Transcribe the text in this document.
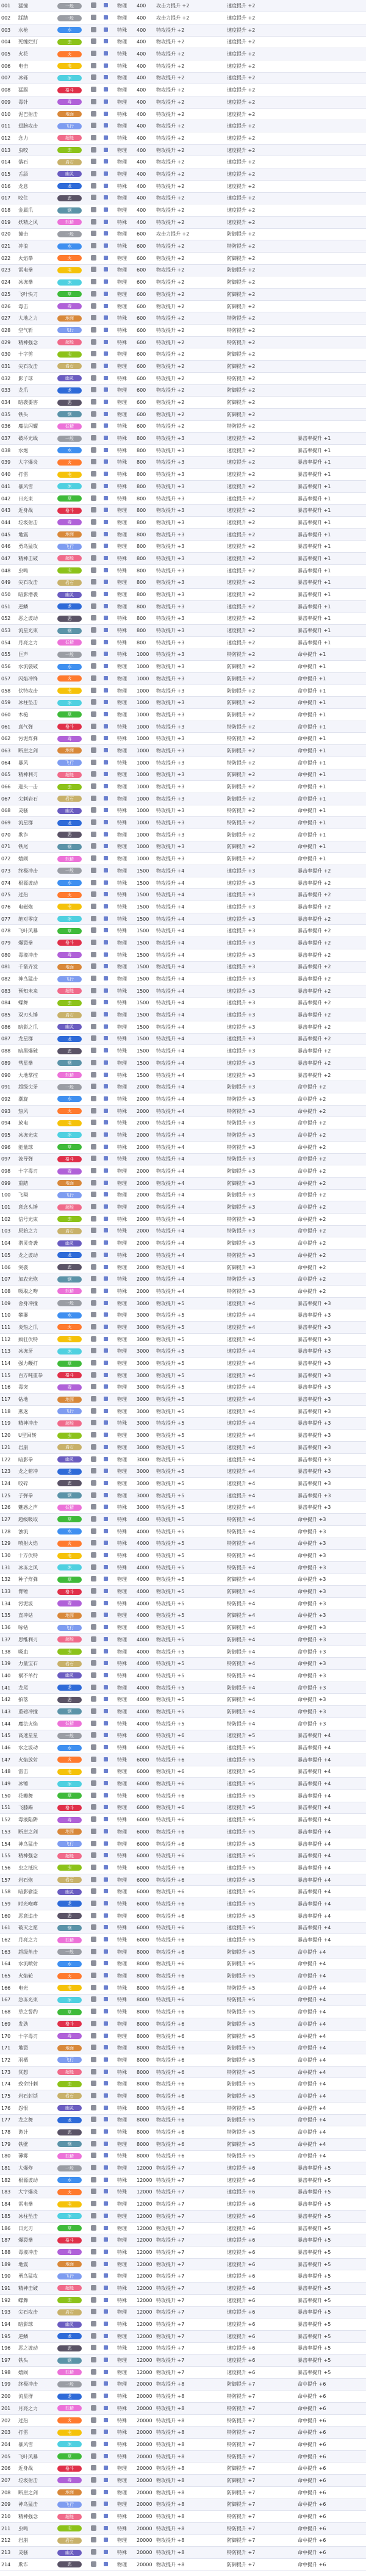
001	猛撞	一般			物理	400	攻击力提升 +2	速度提升 +2	
002	踩踏	一般			物理	400	攻击力提升 +2	速度提升 +2	
003	水枪	水			特殊	400	特攻提升 +2	速度提升 +2	
004	死缠烂打	虫			物理	400	物攻提升 +2	速度提升 +2	
005	火花	火			特殊	400	特攻提升 +2	速度提升 +2	
006	电击	电			特殊	400	特攻提升 +2	速度提升 +2	
007	冰砾	冰			物理	400	物攻提升 +2	速度提升 +2	
008	猛踢	格斗			物理	400	物攻提升 +2	速度提升 +2	
009	毒针	毒			物理	400	物攻提升 +2	速度提升 +2	
010	泥巴射击	地面			特殊	400	特攻提升 +2	速度提升 +2	
011	翅膀攻击	飞行			物理	400	物攻提升 +2	速度提升 +2	
012	念力	超能			特殊	400	特攻提升 +2	速度提升 +2	
013	虫咬	虫			物理	400	物攻提升 +2	速度提升 +2	
014	落石	岩石			物理	400	物攻提升 +2	速度提升 +2	
015	舌舔	幽灵			物理	400	物攻提升 +2	速度提升 +2	
016	龙息	龙			特殊	400	特攻提升 +2	速度提升 +2	
017	咬住	恶			物理	400	物攻提升 +2	速度提升 +2	
018	金属爪	钢			物理	400	物攻提升 +2	速度提升 +2	
019	妖精之风	妖精			特殊	400	特攻提升 +2	速度提升 +2	
020	撞击	一般			物理	600	攻击力提升 +2	防御提升 +2	
021	冲浪	水			特殊	600	特攻提升 +2	特防提升 +2	
022	火焰拳	火			物理	600	物攻提升 +2	防御提升 +2	
023	雷电拳	电			物理	600	物攻提升 +2	防御提升 +2	
024	冰冻拳	冰			物理	600	物攻提升 +2	防御提升 +2	
025	飞叶快刀	草			物理	600	物攻提升 +2	防御提升 +2	
026	毒击	毒			物理	600	物攻提升 +2	防御提升 +2	
027	大地之力	地面			特殊	600	特攻提升 +2	特防提升 +2	
028	空气斩	飞行			特殊	600	特攻提升 +2	特防提升 +2	
029	精神强念	超能			特殊	600	特攻提升 +2	特防提升 +2	
030	十字剪	虫			物理	600	物攻提升 +2	防御提升 +2	
031	尖石攻击	岩石			物理	600	物攻提升 +2	防御提升 +2	
032	影子球	幽灵			特殊	600	特攻提升 +2	特防提升 +2	
033	龙爪	龙			物理	600	物攻提升 +2	防御提升 +2	
034	暗袭要害	恶			物理	600	物攻提升 +2	防御提升 +2	
035	铁头	钢			物理	600	物攻提升 +2	防御提升 +2	
036	魔法闪耀	妖精			特殊	600	特攻提升 +2	特防提升 +2	
037	破坏光线	一般			特殊	800	特攻提升 +3	速度提升 +2	暴击率提升 +1
038	水炮	水			特殊	800	特攻提升 +3	速度提升 +2	暴击率提升 +1
039	大字爆炎	火			特殊	800	特攻提升 +3	速度提升 +2	暴击率提升 +1
040	打雷	电			特殊	800	特攻提升 +3	速度提升 +2	暴击率提升 +1
041	暴风雪	冰			特殊	800	特攻提升 +3	速度提升 +2	暴击率提升 +1
042	日光束	草			特殊	800	特攻提升 +3	速度提升 +2	暴击率提升 +1
043	近身战	格斗			物理	800	物攻提升 +3	速度提升 +2	暴击率提升 +1
044	垃圾射击	毒			物理	800	物攻提升 +3	速度提升 +2	暴击率提升 +1
045	地震	地面			物理	800	物攻提升 +3	速度提升 +2	暴击率提升 +1
046	勇鸟猛攻	飞行			物理	800	物攻提升 +3	速度提升 +2	暴击率提升 +1
047	精神击破	超能			特殊	800	特攻提升 +3	速度提升 +2	暴击率提升 +1
048	虫鸣	虫			特殊	800	特攻提升 +3	速度提升 +2	暴击率提升 +1
049	尖石攻击	岩石			物理	800	物攻提升 +3	速度提升 +2	暴击率提升 +1
050	暗影潜袭	幽灵			物理	800	物攻提升 +3	速度提升 +2	暴击率提升 +1
051	逆鳞	龙			物理	800	物攻提升 +3	速度提升 +2	暴击率提升 +1
052	恶之波动	恶			特殊	800	特攻提升 +3	速度提升 +2	暴击率提升 +1
053	流星光束	钢			特殊	800	特攻提升 +3	速度提升 +2	暴击率提升 +1
054	月亮之力	妖精			特殊	800	特攻提升 +3	速度提升 +2	暴击率提升 +1
055	巨声	一般			特殊	1000	特攻提升 +3	特防提升 +2	命中提升 +1
056	水流裂破	水			物理	1000	物攻提升 +3	防御提升 +2	命中提升 +1
057	闪焰冲锋	火			物理	1000	物攻提升 +3	防御提升 +2	命中提升 +1
058	伏特攻击	电			物理	1000	物攻提升 +3	防御提升 +2	命中提升 +1
059	冰柱坠击	冰			物理	1000	物攻提升 +3	防御提升 +2	命中提升 +1
060	木槌	草			物理	1000	物攻提升 +3	防御提升 +2	命中提升 +1
061	真气弹	格斗			特殊	1000	特攻提升 +3	特防提升 +2	命中提升 +1
062	污泥炸弹	毒			特殊	1000	特攻提升 +3	特防提升 +2	命中提升 +1
063	断崖之剑	地面			物理	1000	物攻提升 +3	防御提升 +2	命中提升 +1
064	暴风	飞行			特殊	1000	特攻提升 +3	特防提升 +2	命中提升 +1
065	精神利刃	超能			物理	1000	物攻提升 +3	防御提升 +2	命中提升 +1
066	迎头一击	虫			物理	1000	物攻提升 +3	防御提升 +2	命中提升 +1
067	尖刺岩石	岩石			物理	1000	物攻提升 +3	防御提升 +2	命中提升 +1
068	灵骚	幽灵			特殊	1000	特攻提升 +3	特防提升 +2	命中提升 +1
069	流星群	龙			特殊	1000	特攻提升 +3	特防提升 +2	命中提升 +1
070	欺诈	恶			物理	1000	物攻提升 +3	防御提升 +2	命中提升 +1
071	铁尾	钢			物理	1000	物攻提升 +3	防御提升 +2	命中提升 +1
072	嬉闹	妖精			物理	1000	物攻提升 +3	防御提升 +2	命中提升 +1
073	终极冲击	一般			物理	1500	物攻提升 +4	速度提升 +3	暴击率提升 +2
074	根源波动	水			特殊	1500	特攻提升 +4	速度提升 +3	暴击率提升 +2
075	过热	火			特殊	1500	特攻提升 +4	速度提升 +3	暴击率提升 +2
076	电磁炮	电			特殊	1500	特攻提升 +4	速度提升 +3	暴击率提升 +2
077	绝对零度	冰			特殊	1500	特攻提升 +4	速度提升 +3	暴击率提升 +2
078	飞叶风暴	草			特殊	1500	特攻提升 +4	速度提升 +3	暴击率提升 +2
079	爆裂拳	格斗			物理	1500	物攻提升 +4	速度提升 +3	暴击率提升 +2
080	毒液冲击	毒			特殊	1500	特攻提升 +4	速度提升 +3	暴击率提升 +2
081	千箭齐发	地面			物理	1500	物攻提升 +4	速度提升 +3	暴击率提升 +2
082	神鸟猛击	飞行			物理	1500	物攻提升 +4	速度提升 +3	暴击率提升 +2
083	预知未来	超能			特殊	1500	特攻提升 +4	速度提升 +3	暴击率提升 +2
084	蝶舞	虫			特殊	1500	特攻提升 +4	速度提升 +3	暴击率提升 +2
085	双刃头锤	岩石			物理	1500	物攻提升 +4	速度提升 +3	暴击率提升 +2
086	暗影之爪	幽灵			物理	1500	物攻提升 +4	速度提升 +3	暴击率提升 +2
087	龙星群	龙			特殊	1500	特攻提升 +4	速度提升 +3	暴击率提升 +2
088	暗黑爆破	恶			特殊	1500	特攻提升 +4	速度提升 +3	暴击率提升 +2
089	彗星拳	钢			物理	1500	物攻提升 +4	速度提升 +3	暴击率提升 +2
090	大地掌控	妖精			特殊	1500	特攻提升 +4	速度提升 +3	暴击率提升 +2
091	超级尖牙	一般			物理	2000	物攻提升 +4	防御提升 +3	命中提升 +2
092	潮旋	水			特殊	2000	特攻提升 +4	特防提升 +3	命中提升 +2
093	热风	火			特殊	2000	特攻提升 +4	特防提升 +3	命中提升 +2
094	放电	电			特殊	2000	特攻提升 +4	特防提升 +3	命中提升 +2
095	冰冻光束	冰			特殊	2000	特攻提升 +4	特防提升 +3	命中提升 +2
096	能量球	草			特殊	2000	特攻提升 +4	特防提升 +3	命中提升 +2
097	波导弹	格斗			特殊	2000	特攻提升 +4	特防提升 +3	命中提升 +2
098	十字毒刃	毒			物理	2000	物攻提升 +4	防御提升 +3	命中提升 +2
099	重踏	地面			物理	2000	物攻提升 +4	防御提升 +3	命中提升 +2
100	飞翔	飞行			物理	2000	物攻提升 +4	防御提升 +3	命中提升 +2
101	意念头锤	超能			物理	2000	物攻提升 +4	防御提升 +3	命中提升 +2
102	信号光束	虫			特殊	2000	特攻提升 +4	特防提升 +3	命中提升 +2
103	原始之力	岩石			特殊	2000	特攻提升 +4	特防提升 +3	命中提升 +2
104	潜灵奇袭	幽灵			物理	2000	物攻提升 +4	防御提升 +3	命中提升 +2
105	龙之波动	龙			特殊	2000	特攻提升 +4	特防提升 +3	命中提升 +2
106	突袭	恶			物理	2000	物攻提升 +4	防御提升 +3	命中提升 +2
107	加农光炮	钢			特殊	2000	特攻提升 +4	特防提升 +3	命中提升 +2
108	吸取之吻	妖精			特殊	2000	特攻提升 +4	特防提升 +3	命中提升 +2
109	舍身冲撞	一般			物理	3000	物攻提升 +5	速度提升 +4	暴击率提升 +3
110	攀瀑	水			物理	3000	物攻提升 +5	速度提升 +4	暴击率提升 +3
111	炎热之爪	火			物理	3000	物攻提升 +5	速度提升 +4	暴击率提升 +3
112	疯狂伏特	电			物理	3000	物攻提升 +5	速度提升 +4	暴击率提升 +3
113	冰冻牙	冰			物理	3000	物攻提升 +5	速度提升 +4	暴击率提升 +3
114	强力鞭打	草			物理	3000	物攻提升 +5	速度提升 +4	暴击率提升 +3
115	百万吨重拳	格斗			物理	3000	物攻提升 +5	速度提升 +4	暴击率提升 +3
116	毒突	毒			物理	3000	物攻提升 +5	速度提升 +4	暴击率提升 +3
117	钻地	地面			物理	3000	物攻提升 +5	速度提升 +4	暴击率提升 +3
118	燕返	飞行			物理	3000	物攻提升 +5	速度提升 +4	暴击率提升 +3
119	精神冲击	超能			特殊	3000	特攻提升 +5	速度提升 +4	暴击率提升 +3
120	U型回转	虫			物理	3000	物攻提升 +5	速度提升 +4	暴击率提升 +3
121	岩崩	岩石			物理	3000	物攻提升 +5	速度提升 +4	暴击率提升 +3
122	暗影拳	幽灵			物理	3000	物攻提升 +5	速度提升 +4	暴击率提升 +3
123	龙之俯冲	龙			物理	3000	物攻提升 +5	速度提升 +4	暴击率提升 +3
124	咬碎	恶			物理	3000	物攻提升 +5	速度提升 +4	暴击率提升 +3
125	子弹拳	钢			物理	3000	物攻提升 +5	速度提升 +4	暴击率提升 +3
126	魅惑之声	妖精			特殊	3000	特攻提升 +5	速度提升 +4	暴击率提升 +3
127	超级吸取	草			特殊	4000	特攻提升 +5	特防提升 +4	命中提升 +3
128	浊流	水			特殊	4000	特攻提升 +5	特防提升 +4	命中提升 +3
129	喷射火焰	火			特殊	4000	特攻提升 +5	特防提升 +4	命中提升 +3
130	十万伏特	电			特殊	4000	特攻提升 +5	特防提升 +4	命中提升 +3
131	冰冻之风	冰			特殊	4000	特攻提升 +5	特防提升 +4	命中提升 +3
132	种子炸弹	草			物理	4000	物攻提升 +5	防御提升 +4	命中提升 +3
133	臂锤	格斗			物理	4000	物攻提升 +5	防御提升 +4	命中提升 +3
134	污泥波	毒			特殊	4000	特攻提升 +5	特防提升 +4	命中提升 +3
135	直冲钻	地面			物理	4000	物攻提升 +5	防御提升 +4	命中提升 +3
136	啄钻	飞行			物理	4000	物攻提升 +5	防御提升 +4	命中提升 +3
137	思维利刃	超能			物理	4000	物攻提升 +5	防御提升 +4	命中提升 +3
138	吸血	虫			物理	4000	物攻提升 +5	防御提升 +4	命中提升 +3
139	力量宝石	岩石			特殊	4000	特攻提升 +5	特防提升 +4	命中提升 +3
140	祸不单行	幽灵			特殊	4000	特攻提升 +5	特防提升 +4	命中提升 +3
141	龙尾	龙			物理	4000	物攻提升 +5	防御提升 +4	命中提升 +3
142	拍落	恶			物理	4000	物攻提升 +5	防御提升 +4	命中提升 +3
143	重磅冲撞	钢			物理	4000	物攻提升 +5	防御提升 +4	命中提升 +3
144	魔法火焰	妖精			特殊	4000	特攻提升 +5	特防提升 +4	命中提升 +3
145	高速星星	一般			特殊	6000	特攻提升 +6	速度提升 +5	暴击率提升 +4
146	水之波动	水			特殊	6000	特攻提升 +6	速度提升 +5	暴击率提升 +4
147	火焰放射	火			特殊	6000	特攻提升 +6	速度提升 +5	暴击率提升 +4
148	雷击	电			物理	6000	物攻提升 +6	速度提升 +5	暴击率提升 +4
149	冰锤	冰			物理	6000	物攻提升 +6	速度提升 +5	暴击率提升 +4
150	花瓣舞	草			特殊	6000	特攻提升 +6	速度提升 +5	暴击率提升 +4
151	飞膝踢	格斗			物理	6000	物攻提升 +6	速度提升 +5	暴击率提升 +4
152	毒液陷阱	毒			特殊	6000	特攻提升 +6	速度提升 +5	暴击率提升 +4
153	断崖之剑	地面			物理	6000	物攻提升 +6	速度提升 +5	暴击率提升 +4
154	神鸟猛击	飞行			物理	6000	物攻提升 +6	速度提升 +5	暴击率提升 +4
155	精神强念	超能			特殊	6000	特攻提升 +6	速度提升 +5	暴击率提升 +4
156	虫之抵抗	虫			特殊	6000	特攻提升 +6	速度提升 +5	暴击率提升 +4
157	岩石炮	岩石			物理	6000	物攻提升 +6	速度提升 +5	暴击率提升 +4
158	暗影偷盗	幽灵			物理	6000	物攻提升 +6	速度提升 +5	暴击率提升 +4
159	时光咆哮	龙			特殊	6000	特攻提升 +6	速度提升 +5	暴击率提升 +4
160	恶意追击	恶			物理	6000	物攻提升 +6	速度提升 +5	暴击率提升 +4
161	破灭之愿	钢			特殊	6000	特攻提升 +6	速度提升 +5	暴击率提升 +4
162	月亮之力	妖精			特殊	6000	特攻提升 +6	速度提升 +5	暴击率提升 +4
163	超级角击	一般			物理	8000	物攻提升 +6	防御提升 +5	命中提升 +4
164	水流喷射	水			物理	8000	物攻提升 +6	防御提升 +5	命中提升 +4
165	火焰轮	火			物理	8000	物攻提升 +6	防御提升 +5	命中提升 +4
166	电光	电			特殊	8000	特攻提升 +6	特防提升 +5	命中提升 +4
167	急冻光束	冰			特殊	8000	特攻提升 +6	特防提升 +5	命中提升 +4
168	草之誓约	草			特殊	8000	特攻提升 +6	特防提升 +5	命中提升 +4
169	发劲	格斗			物理	8000	物攻提升 +6	防御提升 +5	命中提升 +4
170	十字毒刃	毒			物理	8000	物攻提升 +6	防御提升 +5	命中提升 +4
171	地裂	地面			物理	8000	物攻提升 +6	防御提升 +5	命中提升 +4
172	羽栖	飞行			物理	8000	物攻提升 +6	防御提升 +5	命中提升 +4
173	冥想	超能			特殊	8000	特攻提升 +6	特防提升 +5	命中提升 +4
174	致命针刺	虫			物理	8000	物攻提升 +6	防御提升 +5	命中提升 +4
175	岩石封锁	岩石			物理	8000	物攻提升 +6	防御提升 +5	命中提升 +4
176	怨恨	幽灵			特殊	8000	特攻提升 +6	特防提升 +5	命中提升 +4
177	龙之舞	龙			物理	8000	物攻提升 +6	防御提升 +5	命中提升 +4
178	诡计	恶			特殊	8000	特攻提升 +6	特防提升 +5	命中提升 +4
179	铁壁	钢			物理	8000	物攻提升 +6	防御提升 +5	命中提升 +4
180	薄雾	妖精			特殊	8000	特攻提升 +6	特防提升 +5	命中提升 +4
181	大爆炸	一般			物理	12000	物攻提升 +7	速度提升 +6	暴击率提升 +5
182	根源波动	水			特殊	12000	特攻提升 +7	速度提升 +6	暴击率提升 +5
183	大字爆炎	火			特殊	12000	特攻提升 +7	速度提升 +6	暴击率提升 +5
184	雷电拳	电			物理	12000	物攻提升 +7	速度提升 +6	暴击率提升 +5
185	冰柱坠击	冰			物理	12000	物攻提升 +7	速度提升 +6	暴击率提升 +5
186	日光刃	草			物理	12000	物攻提升 +7	速度提升 +6	暴击率提升 +5
187	爆裂拳	格斗			物理	12000	物攻提升 +7	速度提升 +6	暴击率提升 +5
188	毒液冲击	毒			特殊	12000	特攻提升 +7	速度提升 +6	暴击率提升 +5
189	地震	地面			物理	12000	物攻提升 +7	速度提升 +6	暴击率提升 +5
190	勇鸟猛攻	飞行			物理	12000	物攻提升 +7	速度提升 +6	暴击率提升 +5
191	精神击破	超能			特殊	12000	特攻提升 +7	速度提升 +6	暴击率提升 +5
192	蝶舞	虫			特殊	12000	特攻提升 +7	速度提升 +6	暴击率提升 +5
193	尖石攻击	岩石			物理	12000	物攻提升 +7	速度提升 +6	暴击率提升 +5
194	暗影球	幽灵			特殊	12000	特攻提升 +7	速度提升 +6	暴击率提升 +5
195	逆鳞	龙			物理	12000	物攻提升 +7	速度提升 +6	暴击率提升 +5
196	恶之波动	恶			特殊	12000	特攻提升 +7	速度提升 +6	暴击率提升 +5
197	铁头	钢			物理	12000	物攻提升 +7	速度提升 +6	暴击率提升 +5
198	嬉闹	妖精			物理	12000	物攻提升 +7	速度提升 +6	暴击率提升 +5
199	终极冲击	一般			物理	20000	物攻提升 +8	防御提升 +7	命中提升 +6
200	流星群	龙			特殊	20000	特攻提升 +8	特防提升 +7	命中提升 +6
201	月亮之力	妖精			特殊	20000	特攻提升 +8	特防提升 +7	命中提升 +6
202	过热	火			特殊	20000	特攻提升 +8	特防提升 +7	命中提升 +6
203	打雷	电			特殊	20000	特攻提升 +8	特防提升 +7	命中提升 +6
204	暴风雪	冰			特殊	20000	特攻提升 +8	特防提升 +7	命中提升 +6
205	飞叶风暴	草			特殊	20000	特攻提升 +8	特防提升 +7	命中提升 +6
206	近身战	格斗			物理	20000	物攻提升 +8	防御提升 +7	命中提升 +6
207	垃圾射击	毒			物理	20000	物攻提升 +8	防御提升 +7	命中提升 +6
208	断崖之剑	地面			物理	20000	物攻提升 +8	防御提升 +7	命中提升 +6
209	神鸟猛击	飞行			物理	20000	物攻提升 +8	防御提升 +7	命中提升 +6
210	精神强念	超能			特殊	20000	特攻提升 +8	特防提升 +7	命中提升 +6
211	虫鸣	虫			特殊	20000	特攻提升 +8	特防提升 +7	命中提升 +6
212	岩崩	岩石			物理	20000	物攻提升 +8	防御提升 +7	命中提升 +6
213	灵骚	幽灵			特殊	20000	特攻提升 +8	特防提升 +7	命中提升 +6
214	欺诈	恶			物理	20000	物攻提升 +8	防御提升 +7	命中提升 +6
